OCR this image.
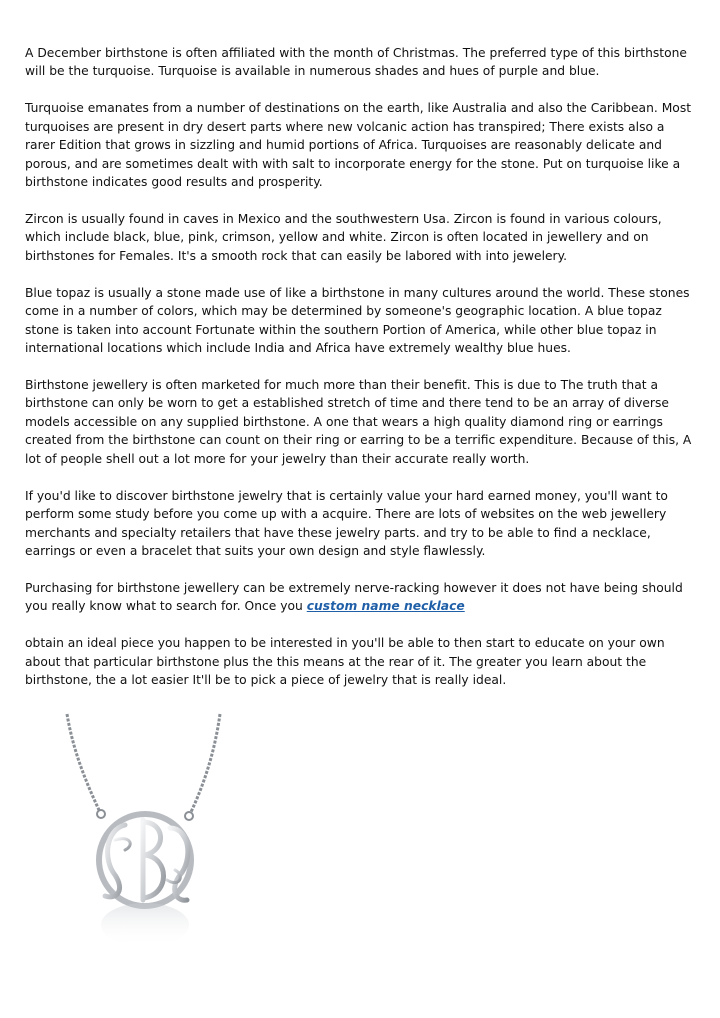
A December birthstone is often affiliated with the month of Christmas. The preferred type of this birthstone will be the turquoise. Turquoise is available in numerous shades and hues of purple and blue.

Turquoise emanates from a number of destinations on the earth, like Australia and also the Caribbean. Most turquoises are present in dry desert parts where new volcanic action has transpired; There exists also a rarer Edition that grows in sizzling and humid portions of Africa. Turquoises are reasonably delicate and porous, and are sometimes dealt with with salt to incorporate energy for the stone. Put on turquoise like a birthstone indicates good results and prosperity.

Zircon is usually found in caves in Mexico and the southwestern Usa. Zircon is found in various colours, which include black, blue, pink, crimson, yellow and white. Zircon is often located in jewellery and on birthstones for Females. It's a smooth rock that can easily be labored with into jewelery.

Blue topaz is usually a stone made use of like a birthstone in many cultures around the world. These stones come in a number of colors, which may be determined by someone's geographic location. A blue topaz stone is taken into account Fortunate within the southern Portion of America, while other blue topaz in international locations which include India and Africa have extremely wealthy blue hues.

Birthstone jewellery is often marketed for much more than their benefit. This is due to The truth that a birthstone can only be worn to get a established stretch of time and there tend to be an array of diverse models accessible on any supplied birthstone. A one that wears a high quality diamond ring or earrings created from the birthstone can count on their ring or earring to be a terrific expenditure. Because of this, A lot of people shell out a lot more for your jewelry than their accurate really worth.

If you'd like to discover birthstone jewelry that is certainly value your hard earned money, you'll want to perform some study before you come up with a acquire. There are lots of websites on the web jewellery merchants and specialty retailers that have these jewelry parts. and try to be able to find a necklace, earrings or even a bracelet that suits your own design and style flawlessly.

Purchasing for birthstone jewellery can be extremely nerve-racking however it does not have being should you really know what to search for. Once you custom name necklace

obtain an ideal piece you happen to be interested in you'll be able to then start to educate on your own about that particular birthstone plus the this means at the rear of it. The greater you learn about the birthstone, the a lot easier It'll be to pick a piece of jewelry that is really ideal.
